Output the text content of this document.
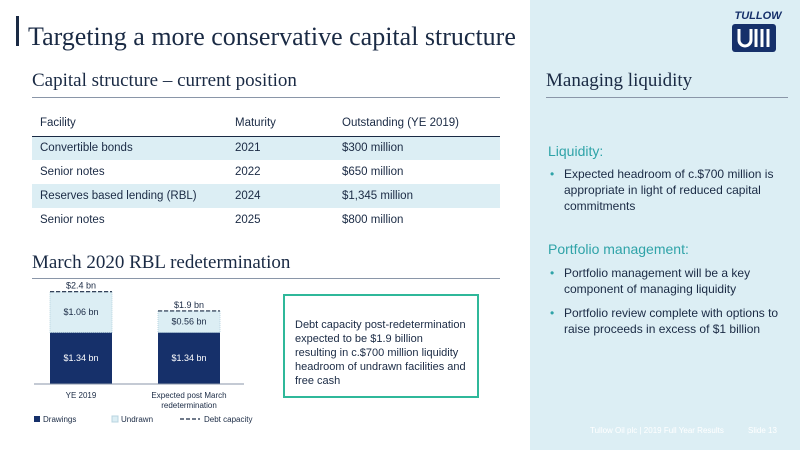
Targeting a more conservative capital structure
TULLOW
Capital structure – current position
Facility	Maturity	Outstanding (YE 2019)
Convertible bonds	2021	$300 million
Senior notes	2022	$650 million
Reserves based lending (RBL)	2024	$1,345 million
Senior notes	2025	$800 million
March 2020 RBL redetermination
$1.34 bn
$1.06 bn
$2.4 bn
$1.34 bn
$0.56 bn
$1.9 bn
YE 2019	Expected post March redetermination
Drawings	Undrawn	Debt capacity
Debt capacity post-redetermination expected to be $1.9 billion resulting in c.$700 million liquidity headroom of undrawn facilities and free cash
Managing liquidity
Liquidity:
• Expected headroom of c.$700 million is appropriate in light of reduced capital commitments
Portfolio management:
• Portfolio management will be a key component of managing liquidity
• Portfolio review complete with options to raise proceeds in excess of $1 billion
Tullow Oil plc | 2019 Full Year Results	Slide 13
